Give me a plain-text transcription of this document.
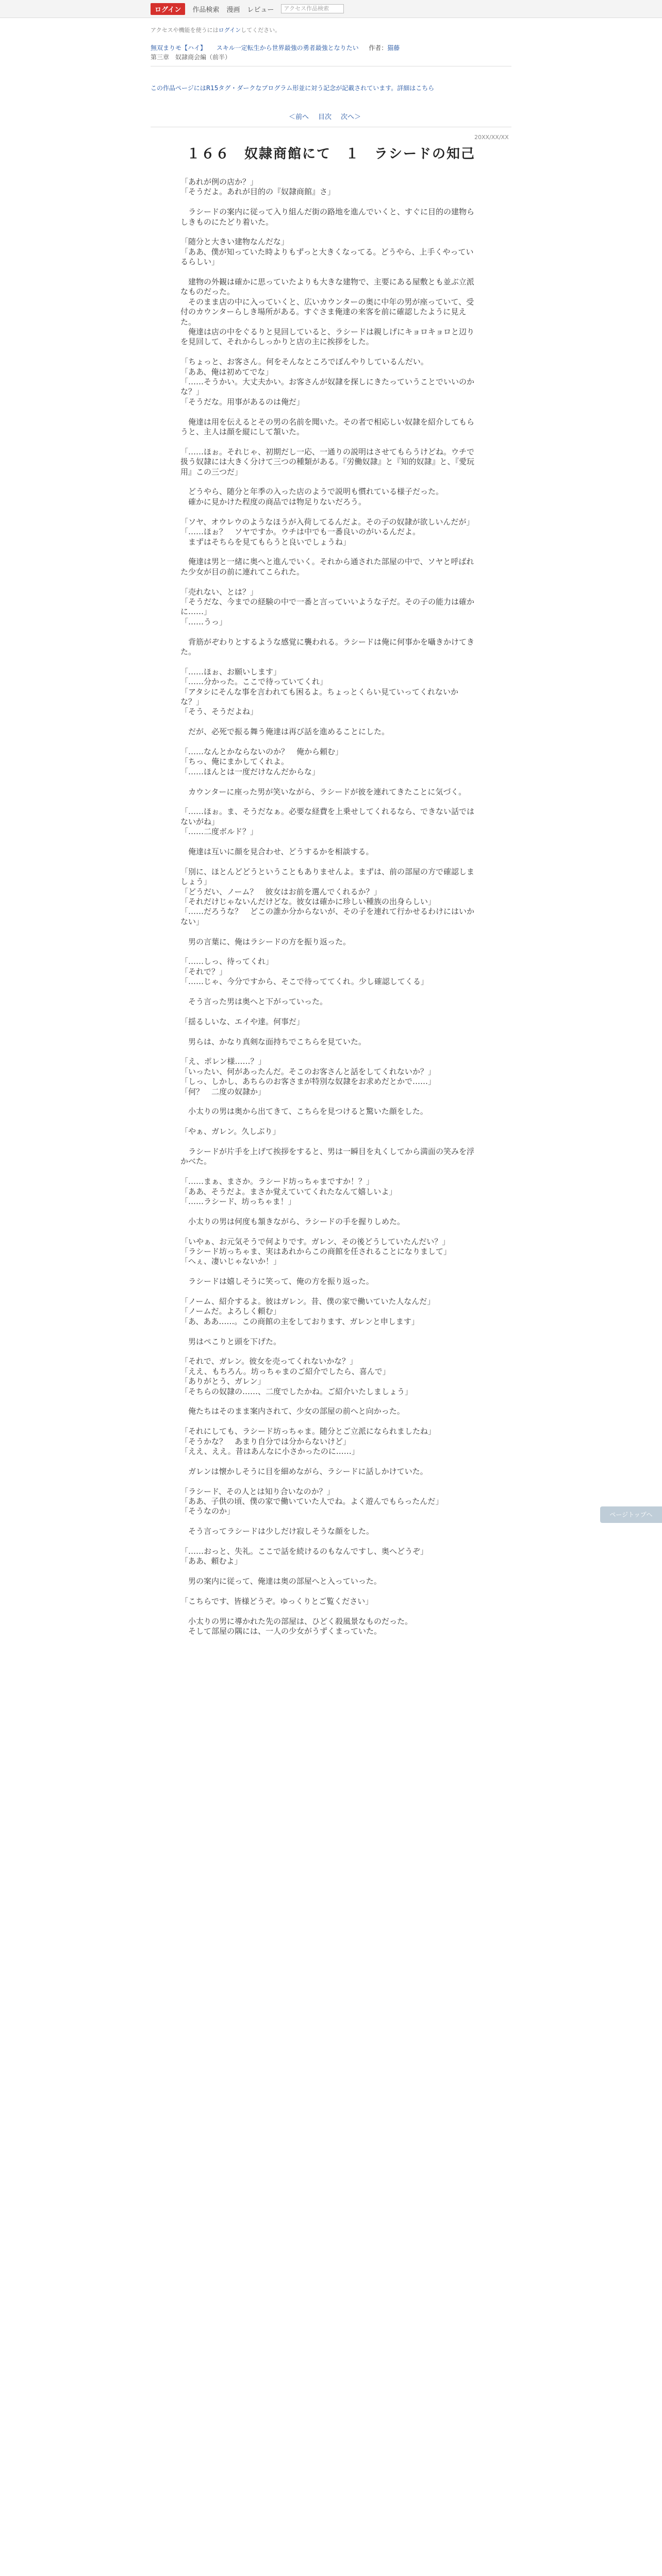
ログイン	作品検索 漫画 レビュー	アクセス作品検索
アクセスや機能を使うにはログインしてください。
無双まりモ【ハイ】 　 スキル一定転生から世界最強の勇者最強となりたい 　 作者：猫藤
第三章　奴隷商会編（前半）
この作品ページにはR15タグ・ダークなプログラム形並に対う記念が記載されています。詳細はこちら
＜前へ 目次 次へ＞
20XX/XX/XX
１６６　奴隷商館にて　１　ラシードの知己

「あれが例の店か？」

「そうだよ。あれが目的の『奴隷商館』さ」

　ラシードの案内に従って入り組んだ街の路地を進んでいくと、すぐに目的の建物らしきものにたどり着いた。

「随分と大きい建物なんだな」

「ああ、僕が知っていた時よりもずっと大きくなってる。どうやら、上手くやっているらしい」

　建物の外観は確かに思っていたよりも大きな建物で、主要にある屋敷とも並ぶ立派なものだった。

　そのまま店の中に入っていくと、広いカウンターの奥に中年の男が座っていて、受付のカウンターらしき場所がある。すぐさま俺達の来客を前に確認したように見えた。

　俺達は店の中をぐるりと見回していると、ラシードは親しげにキョロキョロと辺りを見回して、それからしっかりと店の主に挨拶をした。

「ちょっと、お客さん。何をそんなところでぼんやりしているんだい。

「ああ、俺は初めてでな」

「……そうかい。大丈夫かい。お客さんが奴隷を探しにきたっていうことでいいのかな？」

「そうだな。用事があるのは俺だ」

　俺達は用を伝えるとその男の名前を聞いた。その者で相応しい奴隷を紹介してもらうと、主人は顔を縦にして頷いた。

「……ほぉ。それじゃ、初期だし一応、一通りの説明はさせてもらうけどね。ウチで扱う奴隷には大きく分けて三つの種類がある。『労働奴隷』と『知的奴隷』と、『愛玩用』この三つだ」

　どうやら、随分と年季の入った店のようで説明も慣れている様子だった。

　確かに見かけた程度の商品では物足りないだろう。

「ソヤ、オウレウのようなほうが入荷してるんだよ。その子の奴隷が欲しいんだが」

「……ほぉ？　ソヤですか。ウチは中でも一番良いのがいるんだよ。

　まずはそちらを見てもらうと良いでしょうね」

　俺達は男と一緒に奥へと進んでいく。それから通された部屋の中で、ソヤと呼ばれた少女が目の前に連れてこられた。

「売れない、とは？」

「そうだな、今までの経験の中で一番と言っていいような子だ。その子の能力は確かに……」

「……うっ」

　背筋がぞわりとするような感覚に襲われる。ラシードは俺に何事かを囁きかけてきた。

「……ほぉ、お願いします」

「……分かった。ここで待っていてくれ」

「アタシにそんな事を言われても困るよ。ちょっとくらい見ていってくれないかな？」

「そう、そうだよね」

　だが、必死で振る舞う俺達は再び話を進めることにした。

「……なんとかならないのか？　俺から頼む」

「ちっ、俺にまかしてくれよ。

「……ほんとは一度だけなんだからな」

　カウンターに座った男が笑いながら、ラシードが彼を連れてきたことに気づく。

「……ほぉ。ま、そうだなぁ。必要な経費を上乗せしてくれるなら、できない話ではないがね」

「……二度ボルド？」

　俺達は互いに顔を見合わせ、どうするかを相談する。

「別に、ほとんどどうということもありませんよ。まずは、前の部屋の方で確認しましょう」

「どうだい、ノーム？　彼女はお前を選んでくれるか？」

「それだけじゃないんだけどな。彼女は確かに珍しい種族の出身らしい」

「……だろうな？　どこの誰か分からないが、その子を連れて行かせるわけにはいかない」

　男の言葉に、俺はラシードの方を振り返った。

「……しっ、待ってくれ」

「それで？」

「……じゃ、今分ですから、そこで待っててくれ。少し確認してくる」

　そう言った男は奥へと下がっていった。

「揺るしいな、エイや達。何事だ」

　男らは、かなり真剣な面持ちでこちらを見ていた。

「え、ポレン様……？」

「いったい、何があったんだ。そこのお客さんと話をしてくれないか？」

「しっ、しかし、あちらのお客さまが特別な奴隷をお求めだとかで……」

「何？　二度の奴隷か」

　小太りの男は奥から出てきて、こちらを見つけると驚いた顔をした。

「やぁ、ガレン。久しぶり」

　ラシードが片手を上げて挨拶をすると、男は一瞬目を丸くしてから満面の笑みを浮かべた。

「……まぁ、まさか。ラシード坊っちゃまですか！？」

「ああ、そうだよ。まさか覚えていてくれたなんて嬉しいよ」

「……ラシード、坊っちゃま！」

　小太りの男は何度も頷きながら、ラシードの手を握りしめた。

「いやぁ、お元気そうで何よりです。ガレン、その後どうしていたんだい？」

「ラシード坊っちゃま、実はあれからこの商館を任されることになりまして」

「へぇ、凄いじゃないか！」

　ラシードは嬉しそうに笑って、俺の方を振り返った。

「ノーム、紹介するよ。彼はガレン。昔、僕の家で働いていた人なんだ」

「ノームだ。よろしく頼む」

「あ、ああ……。この商館の主をしております、ガレンと申します」

　男はぺこりと頭を下げた。

「それで、ガレン。彼女を売ってくれないかな？」

「ええ、もちろん。坊っちゃまのご紹介でしたら、喜んで」

「ありがとう、ガレン」

「そちらの奴隷の……、二度でしたかね。ご紹介いたしましょう」

　俺たちはそのまま案内されて、少女の部屋の前へと向かった。

「それにしても、ラシード坊っちゃま。随分とご立派になられましたね」

「そうかな？　あまり自分では分からないけど」

「ええ、ええ。昔はあんなに小さかったのに……」

　ガレンは懐かしそうに目を細めながら、ラシードに話しかけていた。

「ラシード、その人とは知り合いなのか？」

「ああ、子供の頃、僕の家で働いていた人でね。よく遊んでもらったんだ」

「そうなのか」

　そう言ってラシードは少しだけ寂しそうな顔をした。

「……おっと、失礼。ここで話を続けるのもなんですし、奥へどうぞ」

「ああ、頼むよ」

　男の案内に従って、俺達は奥の部屋へと入っていった。

「こちらです、皆様どうぞ。ゆっくりとご覧ください」

　小太りの男に導かれた先の部屋は、ひどく殺風景なものだった。

　そして部屋の隅には、一人の少女がうずくまっていた。

ページトップへ
